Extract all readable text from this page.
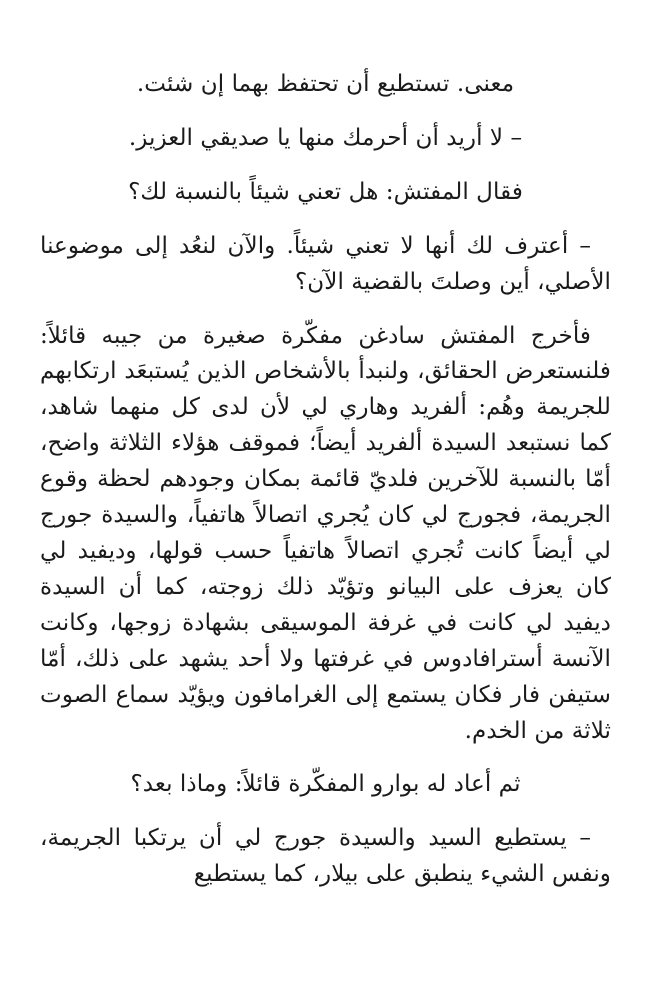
معنى. تستطيع أن تحتفظ بهما إن شئت.

– لا أريد أن أحرمك منها يا صديقي العزيز.

فقال المفتش: هل تعني شيئاً بالنسبة لك؟

– أعترف لك أنها لا تعني شيئاً. والآن لنعُد إلى موضوعنا الأصلي، أين وصلتَ بالقضية الآن؟

فأخرج المفتش سادغن مفكّرة صغيرة من جيبه قائلاً: فلنستعرض الحقائق، ولنبدأ بالأشخاص الذين يُستبعَد ارتكابهم للجريمة وهُم: ألفريد وهاري لي لأن لدى كل منهما شاهد، كما نستبعد السيدة ألفريد أيضاً؛ فموقف هؤلاء الثلاثة واضح، أمّا بالنسبة للآخرين فلديّ قائمة بمكان وجودهم لحظة وقوع الجريمة، فجورج لي كان يُجري اتصالاً هاتفياً، والسيدة جورج لي أيضاً كانت تُجري اتصالاً هاتفياً حسب قولها، وديفيد لي كان يعزف على البيانو وتؤيّد ذلك زوجته، كما أن السيدة ديفيد لي كانت في غرفة الموسيقى بشهادة زوجها، وكانت الآنسة أسترافادوس في غرفتها ولا أحد يشهد على ذلك، أمّا ستيفن فار فكان يستمع إلى الغرامافون ويؤيّد سماع الصوت ثلاثة من الخدم.

ثم أعاد له بوارو المفكّرة قائلاً: وماذا بعد؟

– يستطيع السيد والسيدة جورج لي أن يرتكبا الجريمة، ونفس الشيء ينطبق على بيلار، كما يستطيع
